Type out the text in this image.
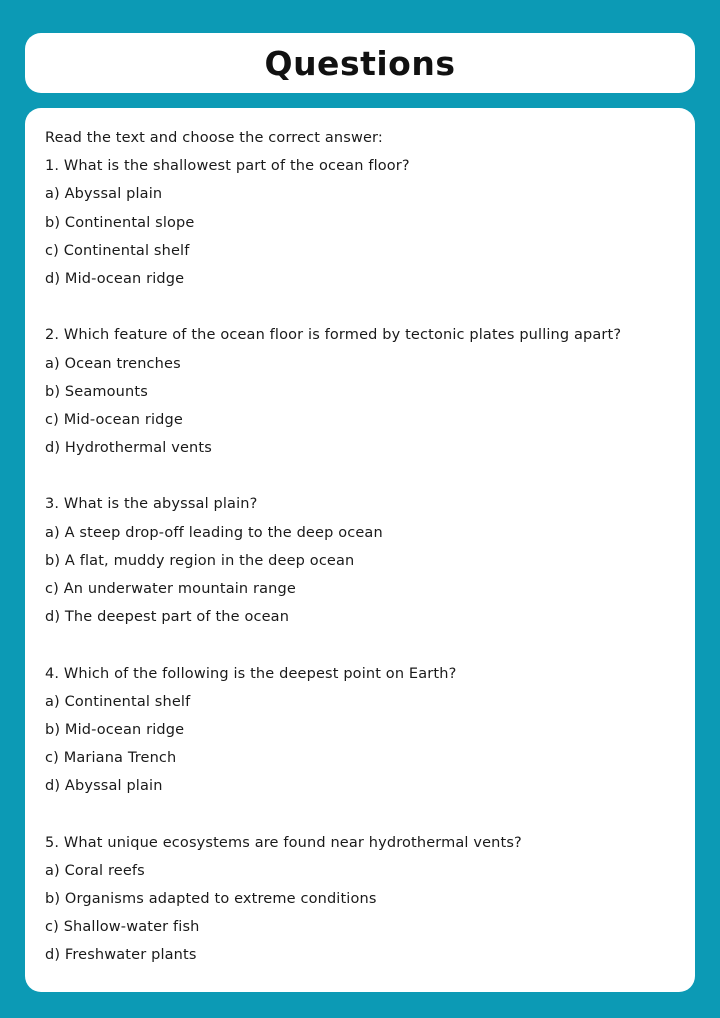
Questions
Read the text and choose the correct answer:
1. What is the shallowest part of the ocean floor?
a) Abyssal plain
b) Continental slope
c) Continental shelf
d) Mid-ocean ridge
2. Which feature of the ocean floor is formed by tectonic plates pulling apart?
a) Ocean trenches
b) Seamounts
c) Mid-ocean ridge
d) Hydrothermal vents
3. What is the abyssal plain?
a) A steep drop-off leading to the deep ocean
b) A flat, muddy region in the deep ocean
c) An underwater mountain range
d) The deepest part of the ocean
4. Which of the following is the deepest point on Earth?
a) Continental shelf
b) Mid-ocean ridge
c) Mariana Trench
d) Abyssal plain
5. What unique ecosystems are found near hydrothermal vents?
a) Coral reefs
b) Organisms adapted to extreme conditions
c) Shallow-water fish
d) Freshwater plants
